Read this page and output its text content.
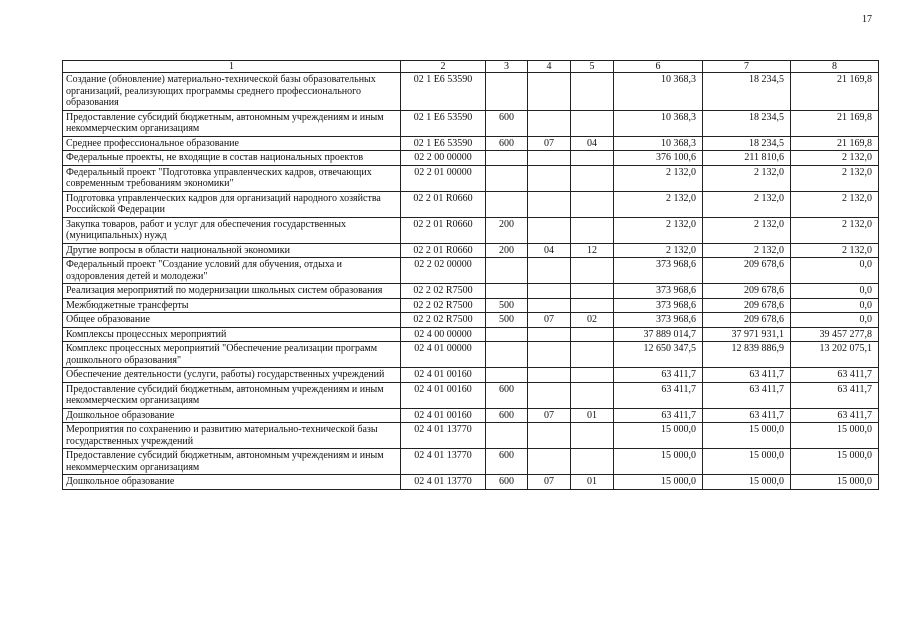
17
1	2	3	4	5	6	7	8
Создание (обновление) материально-технической базы образовательных организаций, реализующих программы среднего профессионального образования	02 1 Е6 53590				10 368,3	18 234,5	21 169,8
Предоставление субсидий бюджетным, автономным учреждениям и иным некоммерческим организациям	02 1 Е6 53590	600			10 368,3	18 234,5	21 169,8
Среднее профессиональное образование	02 1 Е6 53590	600	07	04	10 368,3	18 234,5	21 169,8
Федеральные проекты, не входящие в состав национальных проектов	02 2 00 00000				376 100,6	211 810,6	2 132,0
Федеральный проект "Подготовка управленческих кадров, отвечающих современным требованиям экономики"	02 2 01 00000				2 132,0	2 132,0	2 132,0
Подготовка управленческих кадров для организаций народного хозяйства Российской Федерации	02 2 01 R0660				2 132,0	2 132,0	2 132,0
Закупка товаров, работ и услуг для обеспечения государственных (муниципальных) нужд	02 2 01 R0660	200			2 132,0	2 132,0	2 132,0
Другие вопросы в области национальной экономики	02 2 01 R0660	200	04	12	2 132,0	2 132,0	2 132,0
Федеральный проект "Создание условий для обучения, отдыха и оздоровления детей и молодежи"	02 2 02 00000				373 968,6	209 678,6	0,0
Реализация мероприятий по модернизации школьных систем образования	02 2 02 R7500				373 968,6	209 678,6	0,0
Межбюджетные трансферты	02 2 02 R7500	500			373 968,6	209 678,6	0,0
Общее образование	02 2 02 R7500	500	07	02	373 968,6	209 678,6	0,0
Комплексы процессных мероприятий	02 4 00 00000				37 889 014,7	37 971 931,1	39 457 277,8
Комплекс процессных мероприятий "Обеспечение реализации программ дошкольного образования"	02 4 01 00000				12 650 347,5	12 839 886,9	13 202 075,1
Обеспечение деятельности (услуги, работы) государственных учреждений	02 4 01 00160				63 411,7	63 411,7	63 411,7
Предоставление субсидий бюджетным, автономным учреждениям и иным некоммерческим организациям	02 4 01 00160	600			63 411,7	63 411,7	63 411,7
Дошкольное образование	02 4 01 00160	600	07	01	63 411,7	63 411,7	63 411,7
Мероприятия по сохранению и развитию материально-технической базы государственных учреждений	02 4 01 13770				15 000,0	15 000,0	15 000,0
Предоставление субсидий бюджетным, автономным учреждениям и иным некоммерческим организациям	02 4 01 13770	600			15 000,0	15 000,0	15 000,0
Дошкольное образование	02 4 01 13770	600	07	01	15 000,0	15 000,0	15 000,0
